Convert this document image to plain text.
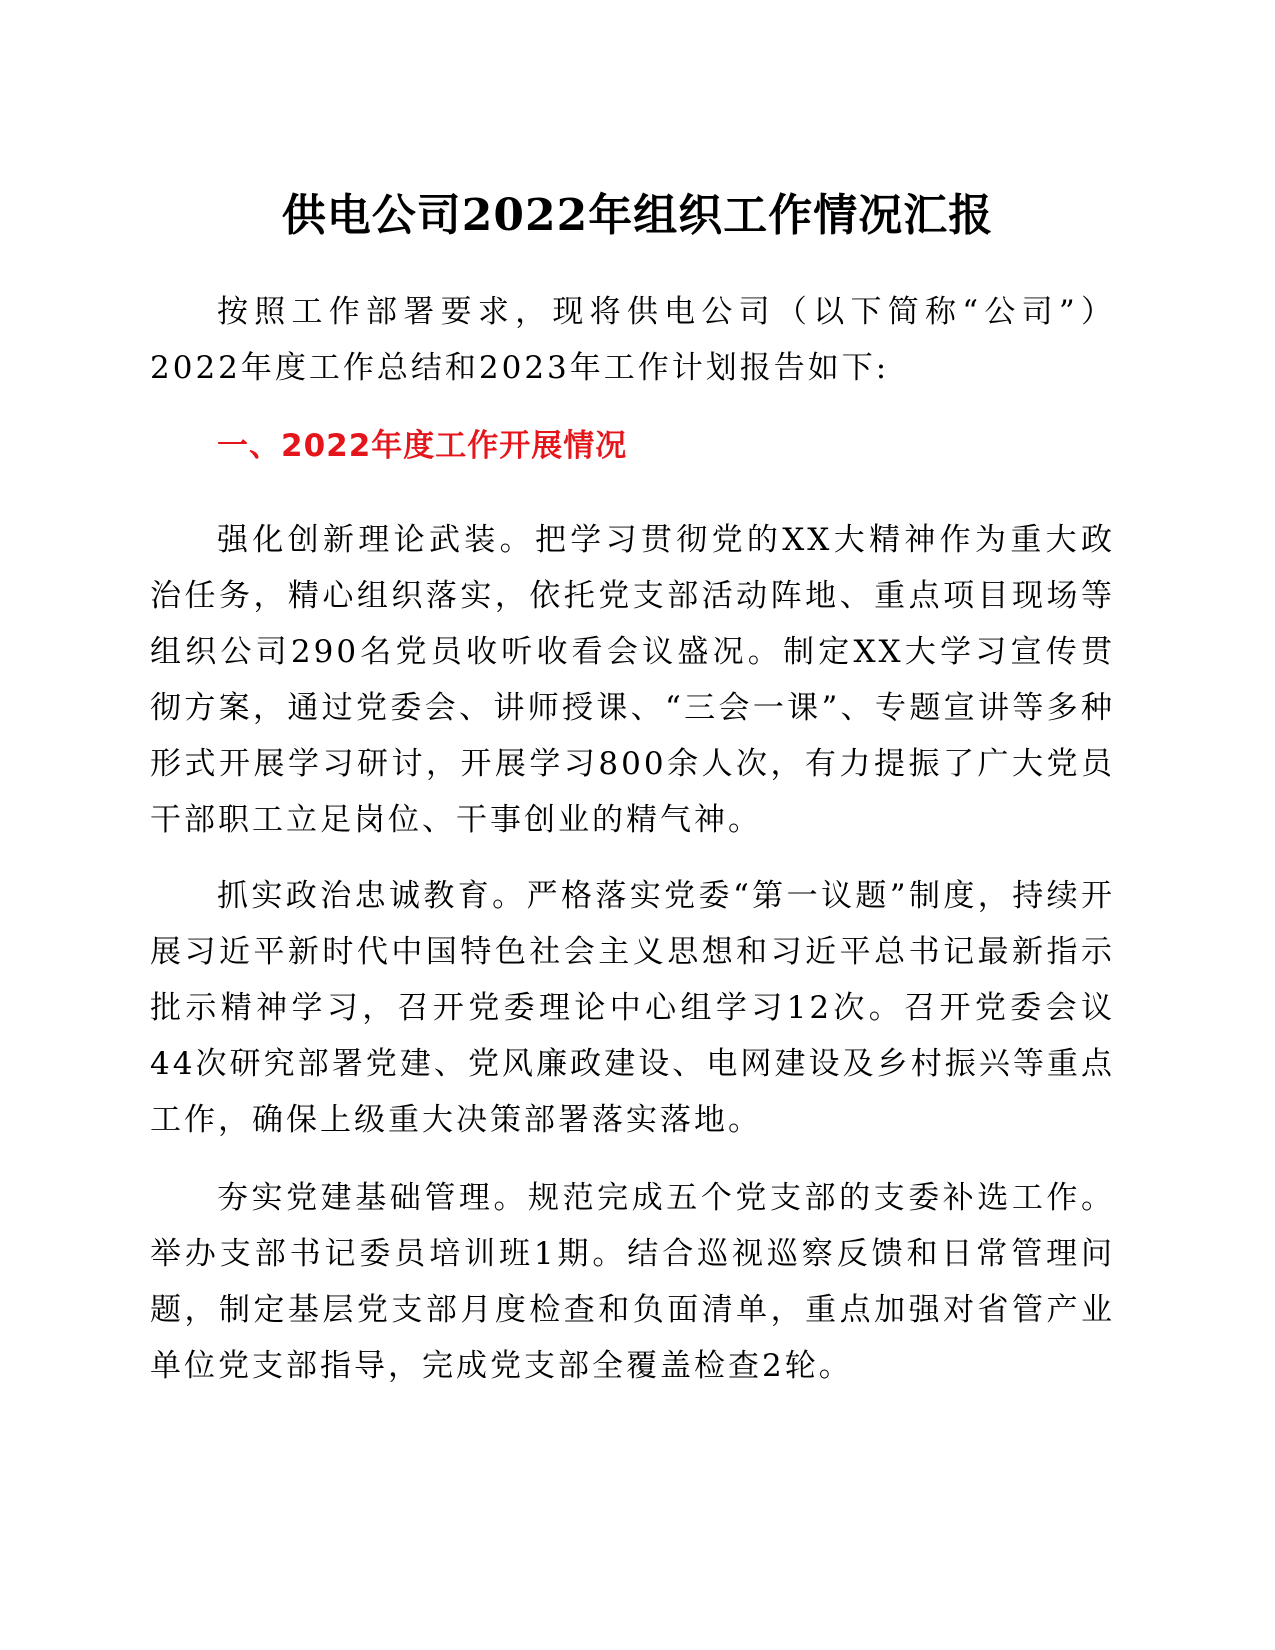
供电公司2022年组织工作情况汇报

按照工作部署要求，现将供电公司（以下简称“公司”）2022年度工作总结和2023年工作计划报告如下:

一、2022年度工作开展情况

强化创新理论武装。把学习贯彻党的XX大精神作为重大政治任务，精心组织落实，依托党支部活动阵地、重点项目现场等组织公司290名党员收听收看会议盛况。制定XX大学习宣传贯彻方案，通过党委会、讲师授课、“三会一课”、专题宣讲等多种形式开展学习研讨，开展学习800余人次，有力提振了广大党员干部职工立足岗位、干事创业的精气神。

抓实政治忠诚教育。严格落实党委“第一议题”制度，持续开展习近平新时代中国特色社会主义思想和习近平总书记最新指示批示精神学习，召开党委理论中心组学习12次。召开党委会议44次研究部署党建、党风廉政建设、电网建设及乡村振兴等重点工作，确保上级重大决策部署落实落地。

夯实党建基础管理。规范完成五个党支部的支委补选工作。举办支部书记委员培训班1期。结合巡视巡察反馈和日常管理问题，制定基层党支部月度检查和负面清单，重点加强对省管产业单位党支部指导，完成党支部全覆盖检查2轮。
